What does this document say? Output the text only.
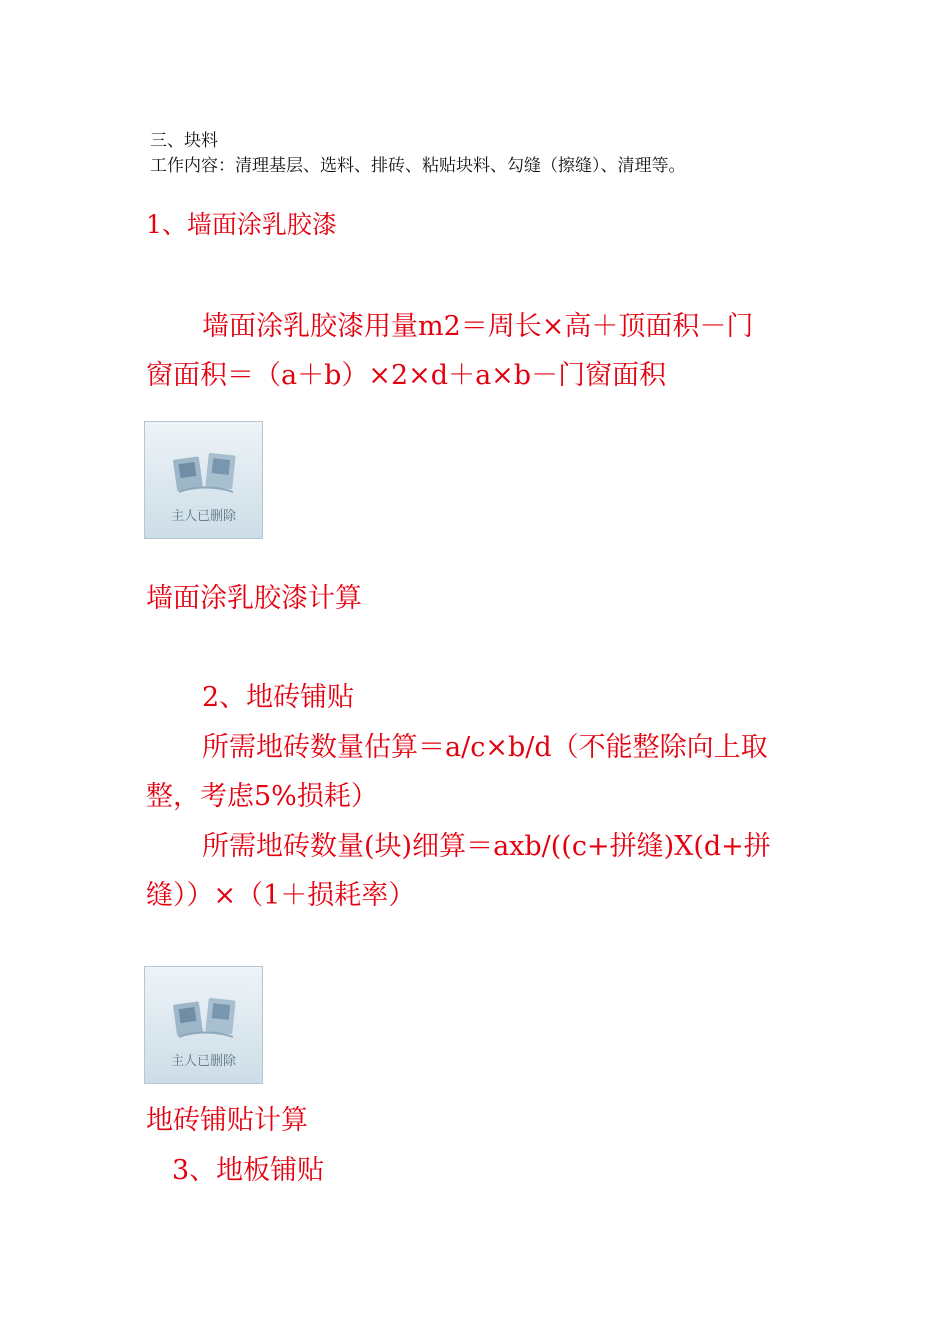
三、块料
工作内容：清理基层、选料、排砖、粘贴块料、勾缝（擦缝）、清理等。
1、墙面涂乳胶漆
墙面涂乳胶漆用量m2＝周长×高＋顶面积－门
窗面积＝（a＋b）×2×d＋a×b－门窗面积
主人已删除
墙面涂乳胶漆计算
2、地砖铺贴
所需地砖数量估算＝a/c×b/d（不能整除向上取
整，考虑5%损耗）
所需地砖数量(块)细算＝axb/((c+拼缝)X(d+拼
缝））×（1＋损耗率）
主人已删除
地砖铺贴计算
3、地板铺贴
